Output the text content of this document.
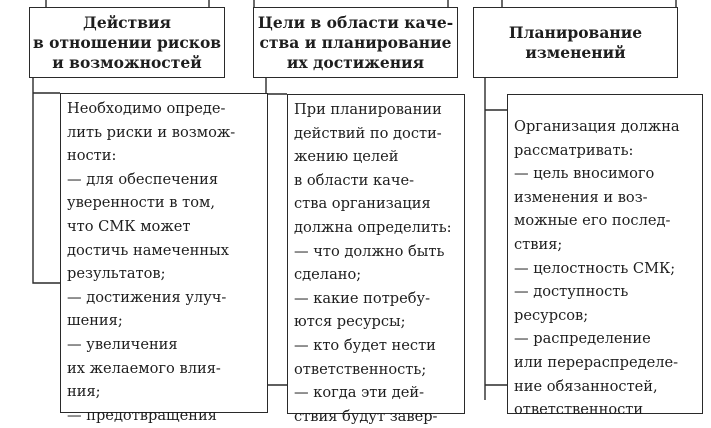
Действия
в отношении рисков
и возможностей
Цели в области каче-
ства и планирование
их достижения
Планирование
изменений
Необходимо опреде-
лить риски и возмож-
ности:
— для обеспечения
уверенности в том,
что СМК может
достичь намеченных
результатов;
— достижения улуч-
шения;
— увеличения
их желаемого влия-
ния;
— предотвращения
При планировании
действий по дости-
жению целей
в области каче-
ства организация
должна определить:
— что должно быть
сделано;
— какие потребу-
ются ресурсы;
— кто будет нести
ответственность;
— когда эти дей-
ствия будут завер-
Организация должна
рассматривать:
— цель вносимого
изменения и воз-
можные его послед-
ствия;
— целостность СМК;
— доступность
ресурсов;
— распределение
или перераспределе-
ние обязанностей,
ответственности
